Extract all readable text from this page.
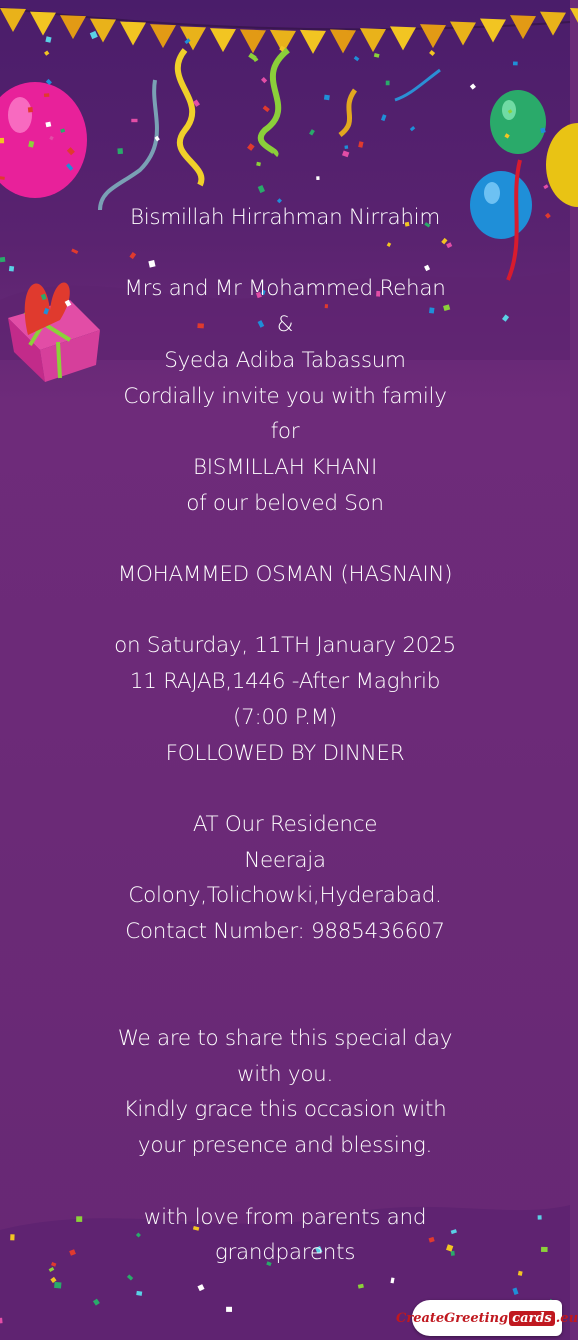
Bismillah Hirrahman Nirrahim
Mrs and Mr Mohammed Rehan
&
Syeda Adiba Tabassum
Cordially invite you with family
for
BISMILLAH KHANI
of our beloved Son
MOHAMMED OSMAN (HASNAIN)
on Saturday, 11TH January 2025
11 RAJAB,1446 -After Maghrib
(7:00 P.M)
FOLLOWED BY DINNER
AT Our Residence
Neeraja
Colony,Tolichowki,Hyderabad.
Contact Number: 9885436607
We are to share this special day
with you.
Kindly grace this occasion with
your presence and blessing.
with love from parents and
grandparents
CreateGreeting cards .eu
